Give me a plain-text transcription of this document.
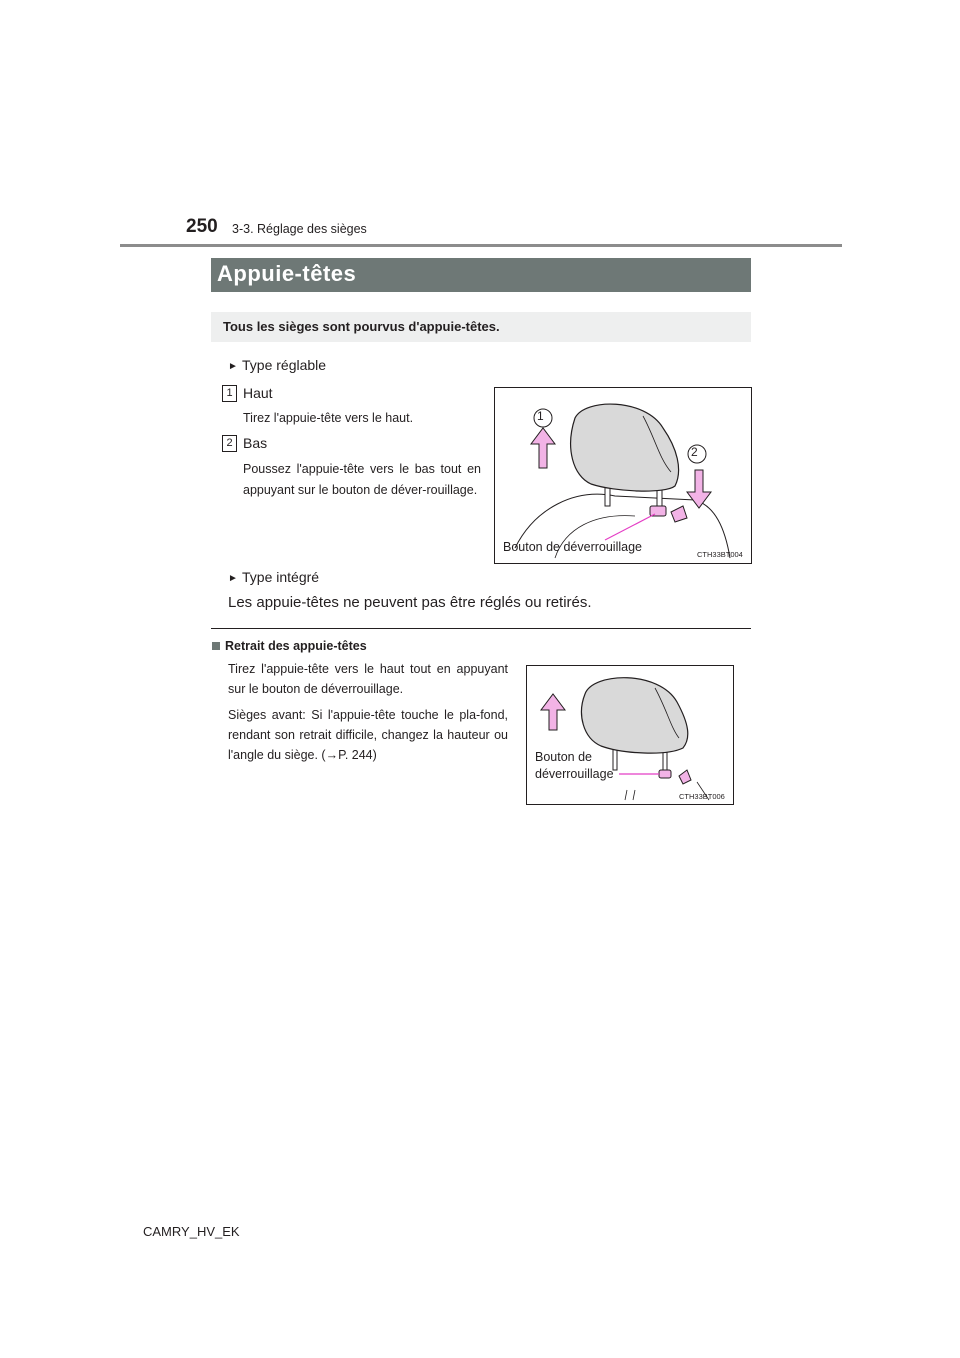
250 3-3. Réglage des sièges
Appuie-têtes
Tous les sièges sont pourvus d'appuie-têtes.
► Type réglable
1 Haut
Tirez l'appuie-tête vers le haut.
2 Bas
Poussez l'appuie-tête vers le bas tout en appuyant sur le bouton de déver-rouillage.
1
2
Bouton de déverrouillage
CTH33BT004
► Type intégré
Les appuie-têtes ne peuvent pas être réglés ou retirés.
Retrait des appuie-têtes
Tirez l'appuie-tête vers le haut tout en appuyant sur le bouton de déverrouillage.
Sièges avant: Si l'appuie-tête touche le pla-fond, rendant son retrait difficile, changez la hauteur ou l'angle du siège. (→P. 244)	Bouton de
déverrouillage
CTH33BT006
CAMRY_HV_EK
